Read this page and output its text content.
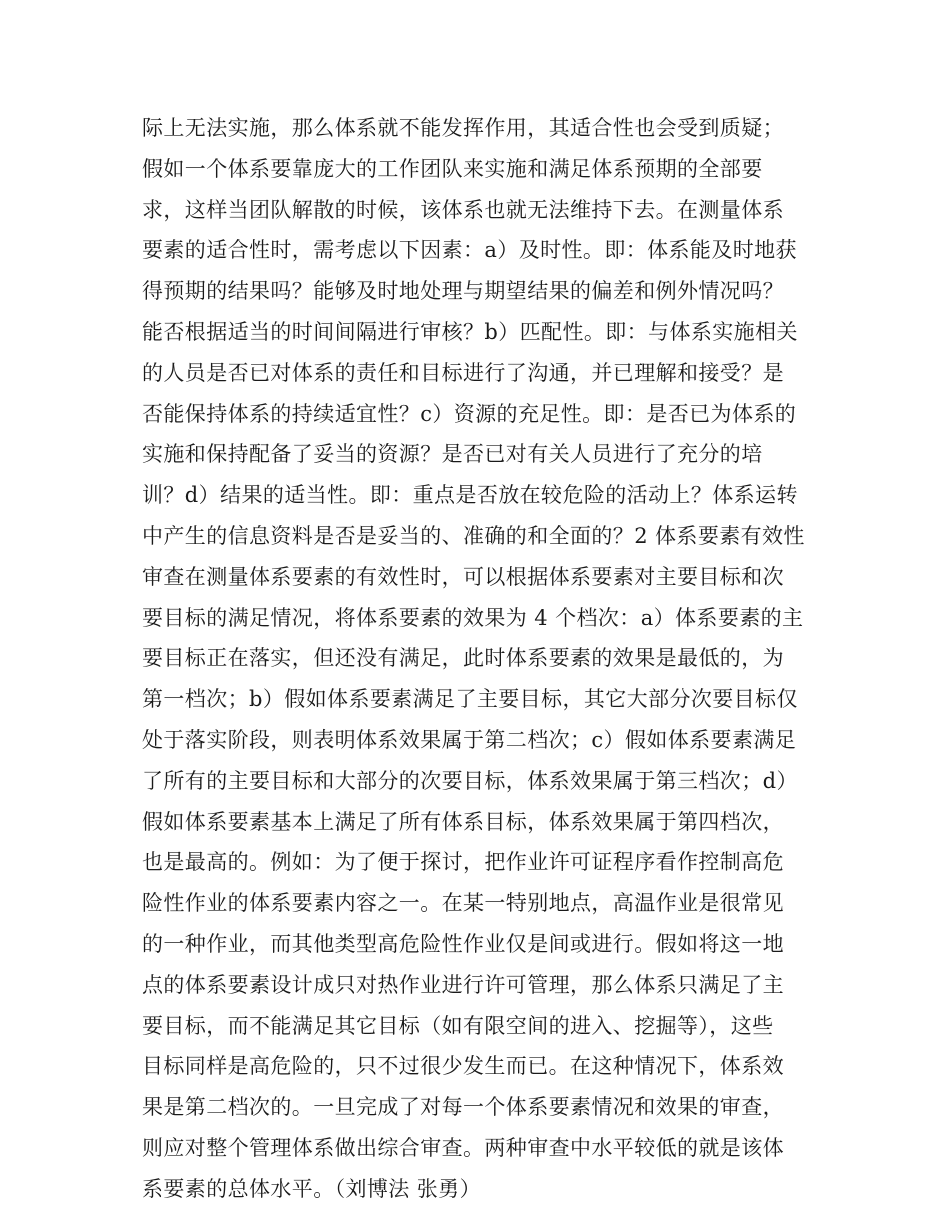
际上无法实施，那么体系就不能发挥作用，其适合性也会受到质疑；
假如一个体系要靠庞大的工作团队来实施和满足体系预期的全部要
求，这样当团队解散的时候，该体系也就无法维持下去。在测量体系
要素的适合性时，需考虑以下因素：a）及时性。即：体系能及时地获
得预期的结果吗？能够及时地处理与期望结果的偏差和例外情况吗？
能否根据适当的时间间隔进行审核？b）匹配性。即：与体系实施相关
的人员是否已对体系的责任和目标进行了沟通，并已理解和接受？是
否能保持体系的持续适宜性？c）资源的充足性。即：是否已为体系的
实施和保持配备了妥当的资源？是否已对有关人员进行了充分的培
训？d）结果的适当性。即：重点是否放在较危险的活动上？体系运转
中产生的信息资料是否是妥当的、准确的和全面的？2 体系要素有效性
审查在测量体系要素的有效性时，可以根据体系要素对主要目标和次
要目标的满足情况，将体系要素的效果为 4 个档次：a）体系要素的主
要目标正在落实，但还没有满足，此时体系要素的效果是最低的，为
第一档次；b）假如体系要素满足了主要目标，其它大部分次要目标仅
处于落实阶段，则表明体系效果属于第二档次；c）假如体系要素满足
了所有的主要目标和大部分的次要目标，体系效果属于第三档次；d）
假如体系要素基本上满足了所有体系目标，体系效果属于第四档次，
也是最高的。例如：为了便于探讨，把作业许可证程序看作控制高危
险性作业的体系要素内容之一。在某一特别地点，高温作业是很常见
的一种作业，而其他类型高危险性作业仅是间或进行。假如将这一地
点的体系要素设计成只对热作业进行许可管理，那么体系只满足了主
要目标，而不能满足其它目标（如有限空间的进入、挖掘等），这些
目标同样是高危险的，只不过很少发生而已。在这种情况下，体系效
果是第二档次的。一旦完成了对每一个体系要素情况和效果的审查，
则应对整个管理体系做出综合审查。两种审查中水平较低的就是该体
系要素的总体水平。（刘博法 张勇）
